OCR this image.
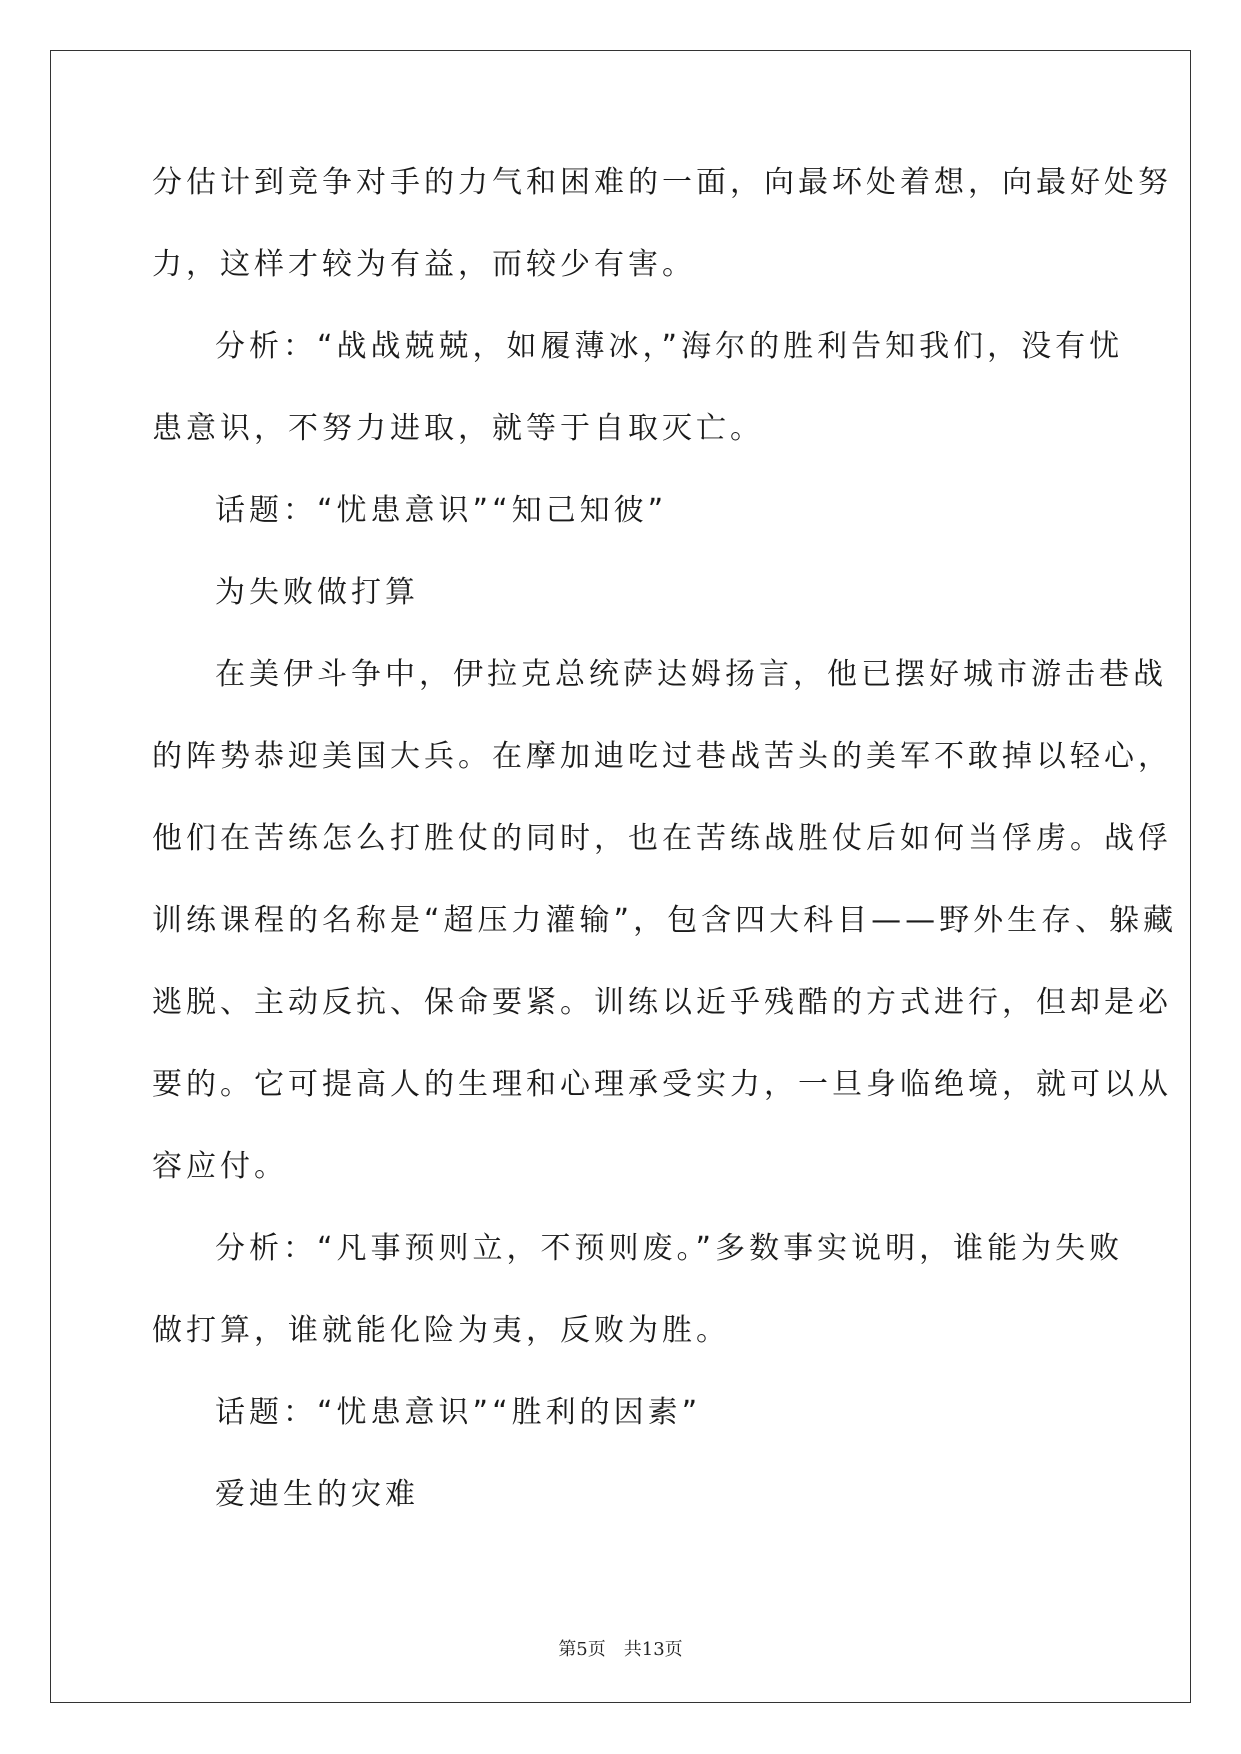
分估计到竞争对手的力气和困难的一面，向最坏处着想，向最好处努
力，这样才较为有益，而较少有害。
分析：“战战兢兢，如履薄冰，”海尔的胜利告知我们，没有忧
患意识，不努力进取，就等于自取灭亡。
话题：“忧患意识”“知己知彼”
为失败做打算
在美伊斗争中，伊拉克总统萨达姆扬言，他已摆好城市游击巷战
的阵势恭迎美国大兵。在摩加迪吃过巷战苦头的美军不敢掉以轻心，
他们在苦练怎么打胜仗的同时，也在苦练战胜仗后如何当俘虏。战俘
训练课程的名称是“超压力灌输”，包含四大科目——野外生存、躲藏
逃脱、主动反抗、保命要紧。训练以近乎残酷的方式进行，但却是必
要的。它可提高人的生理和心理承受实力，一旦身临绝境，就可以从
容应付。
分析：“凡事预则立，不预则废。”多数事实说明，谁能为失败
做打算，谁就能化险为夷，反败为胜。
话题：“忧患意识”“胜利的因素”
爱迪生的灾难
第5页 共13页
